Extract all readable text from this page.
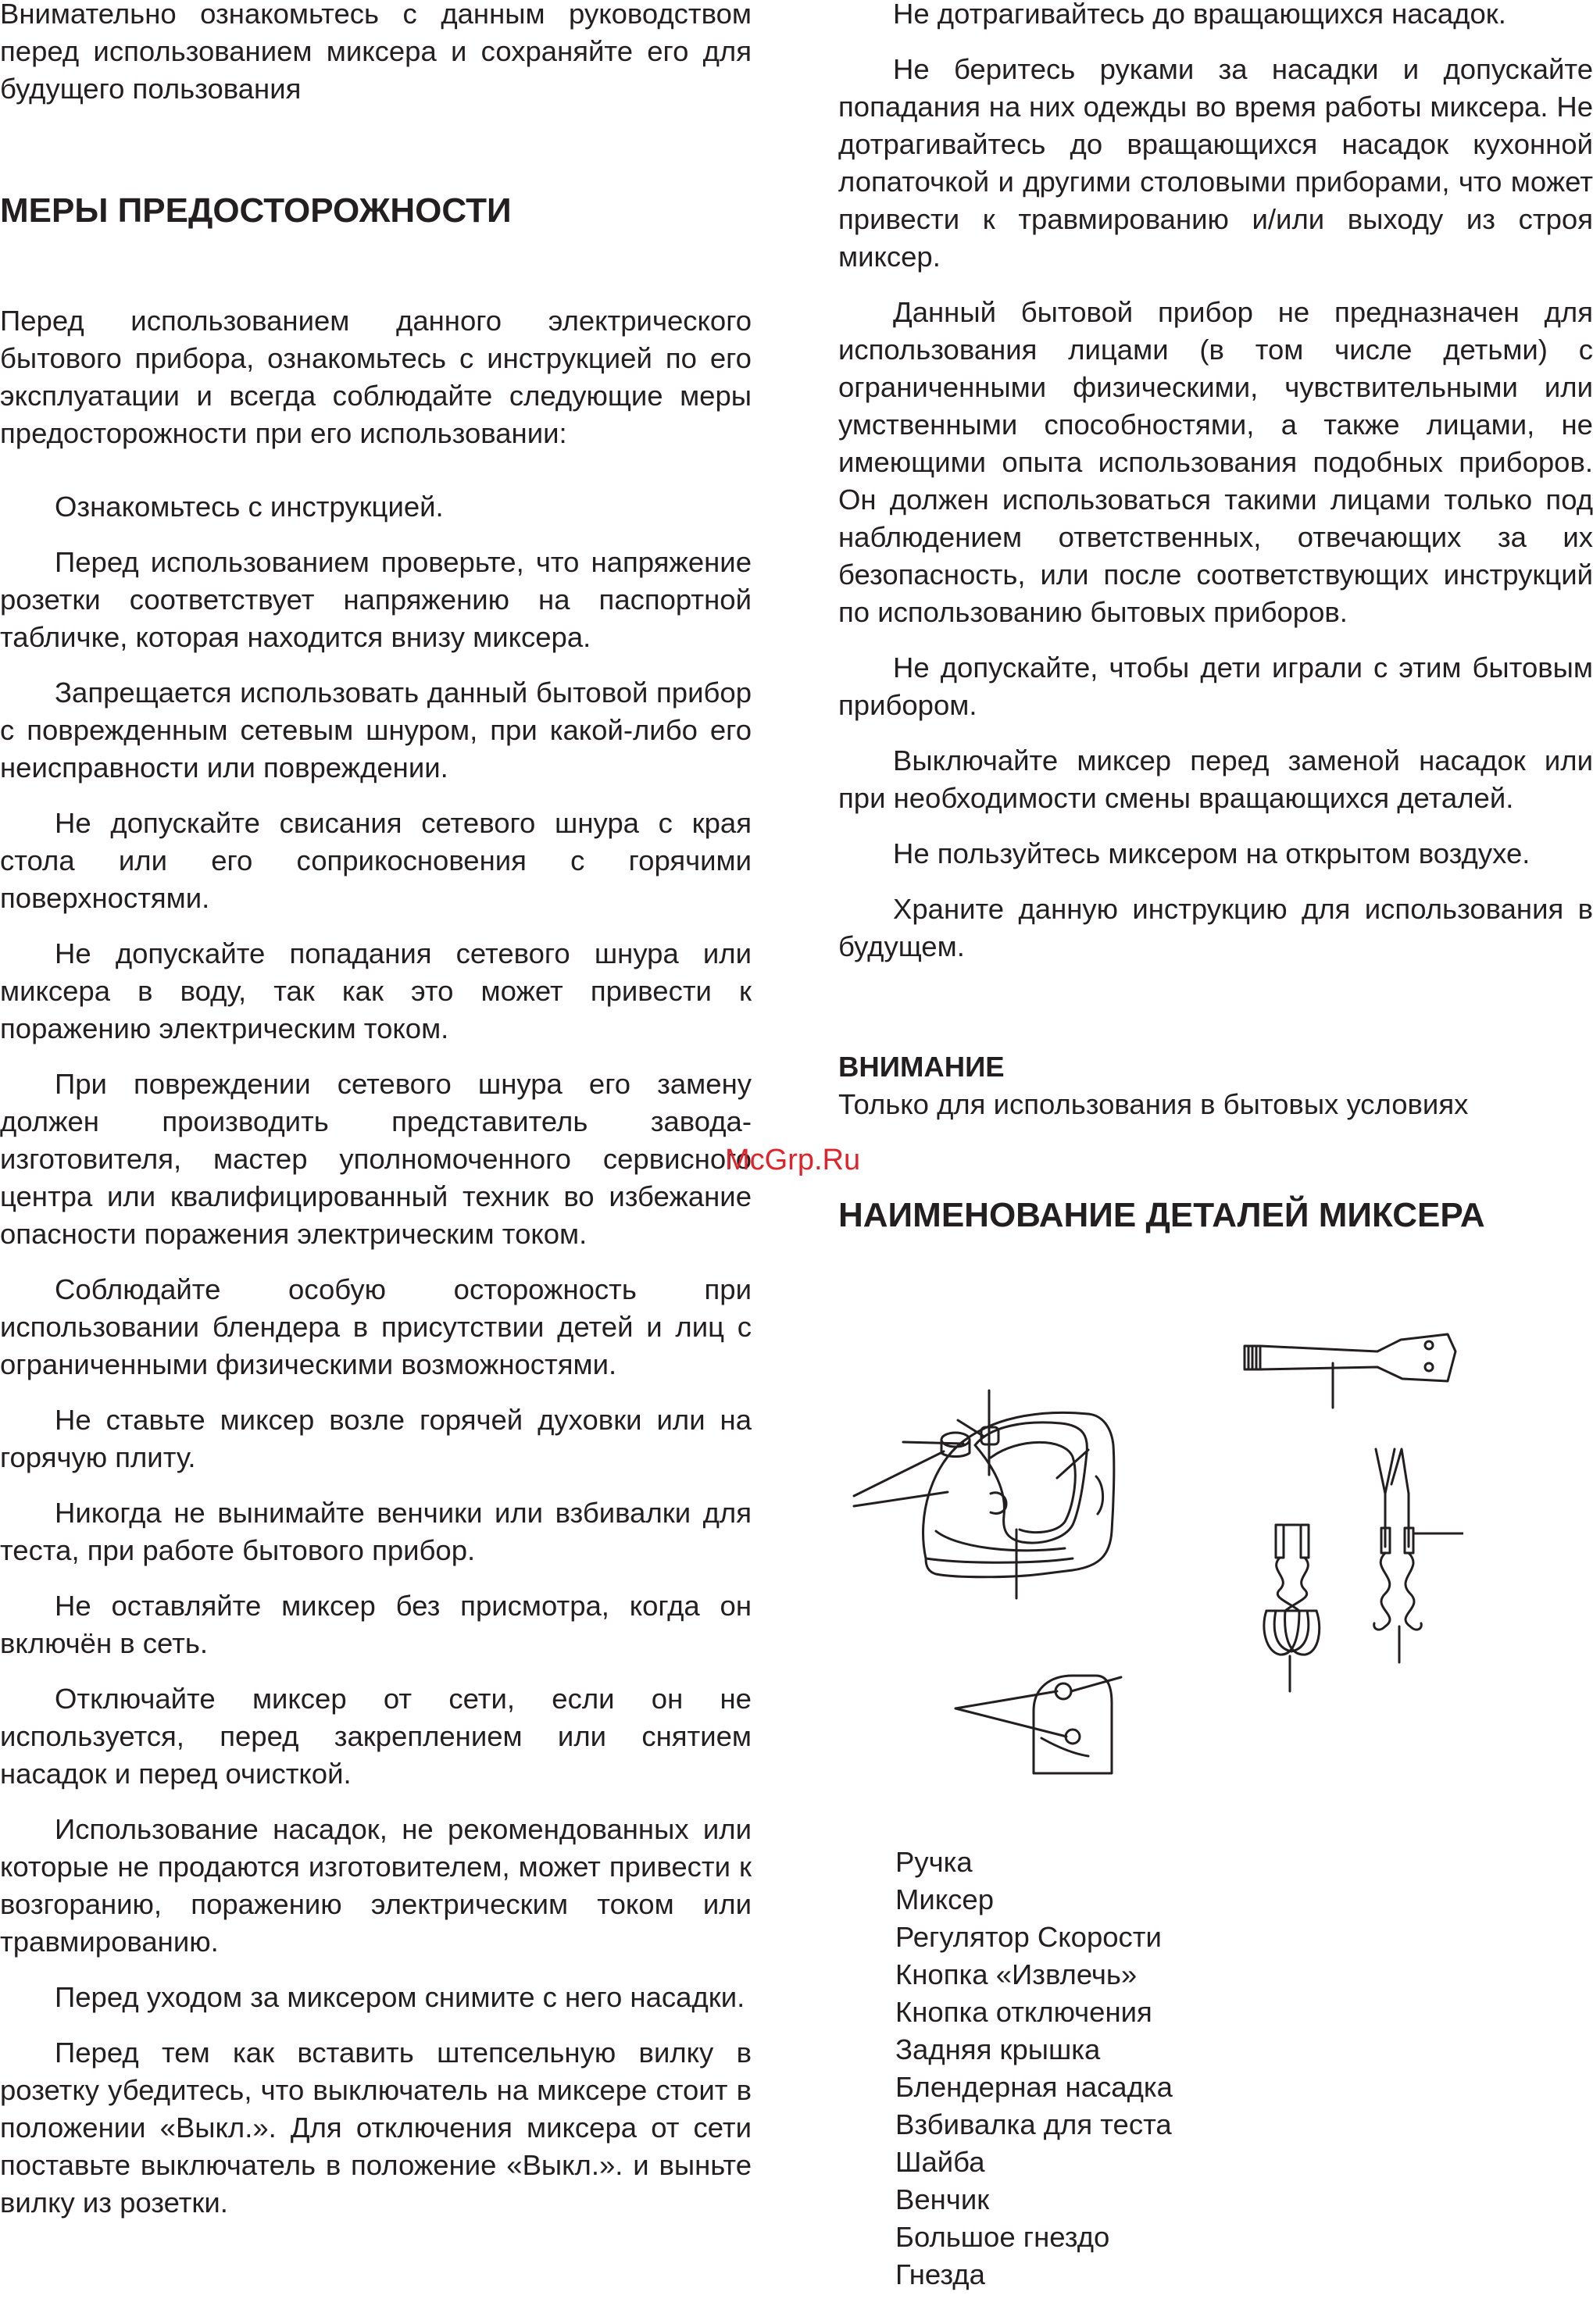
Внимательно ознакомьтесь с данным руководством перед использованием миксера и сохраняйте его для будущего пользования

МЕРЫ ПРЕДОСТОРОЖНОСТИ

Перед использованием данного электрического бытового прибора, ознакомьтесь с инструкцией по его эксплуатации и всегда соблюдайте следующие меры предосторожности при его использовании:

Ознакомьтесь с инструкцией.

Перед использованием проверьте, что напряжение розетки соответствует напряжению на паспортной табличке, которая находится внизу миксера.

Запрещается использовать данный бытовой прибор с поврежденным сетевым шнуром, при какой-либо его неисправности или повреждении.

Не допускайте свисания сетевого шнура с края стола или его соприкосновения с горячими поверхностями.

Не допускайте попадания сетевого шнура или миксера в воду, так как это может привести к поражению электрическим током.

При повреждении сетевого шнура его замену должен производить представитель завода-изготовителя, мастер уполномоченного сервисного центра или квалифицированный техник во избежание опасности поражения электрическим током.

Соблюдайте особую осторожность при использовании блендера в присутствии детей и лиц с ограниченными физическими возможностями.

Не ставьте миксер возле горячей духовки или на горячую плиту.

Никогда не вынимайте венчики или взбивалки для теста, при работе бытового прибор.

Не оставляйте миксер без присмотра, когда он включён в сеть.

Отключайте миксер от сети, если он не используется, перед закреплением или снятием насадок и перед очисткой.

Использование насадок, не рекомендованных или которые не продаются изготовителем, может привести к возгоранию, поражению электрическим током или травмированию.

Перед уходом за миксером снимите с него насадки.

Перед тем как вставить штепсельную вилку в розетку убедитесь, что выключатель на миксере стоит в положении «Выкл.». Для отключения миксера от сети поставьте выключатель в положение «Выкл.». и выньте вилку из розетки.

Не дотрагивайтесь до вращающихся насадок.

Не беритесь руками за насадки и допускайте попадания на них одежды во время работы миксера. Не дотрагивайтесь до вращающихся насадок кухонной лопаточкой и другими столовыми приборами, что может привести к травмированию и/или выходу из строя миксер.

Данный бытовой прибор не предназначен для использования лицами (в том числе детьми) с ограниченными физическими, чувствительными или умственными способностями, а также лицами, не имеющими опыта использования подобных приборов. Он должен использоваться такими лицами только под наблюдением ответственных, отвечающих за их безопасность, или после соответствующих инструкций по использованию бытовых приборов.

Не допускайте, чтобы дети играли с этим бытовым прибором.

Выключайте миксер перед заменой насадок или при необходимости смены вращающихся деталей.

Не пользуйтесь миксером на открытом воздухе.

Храните данную инструкцию для использования в будущем.

ВНИМАНИЕ

Только для использования в бытовых условиях

НАИМЕНОВАНИЕ ДЕТАЛЕЙ МИКСЕРА
McGrp.Ru
Ручка
Миксер
Регулятор Скорости
Кнопка «Извлечь»
Кнопка отключения
Задняя крышка
Блендерная насадка
Взбивалка для теста
Шайба
Венчик
Большое гнездо
Гнезда
